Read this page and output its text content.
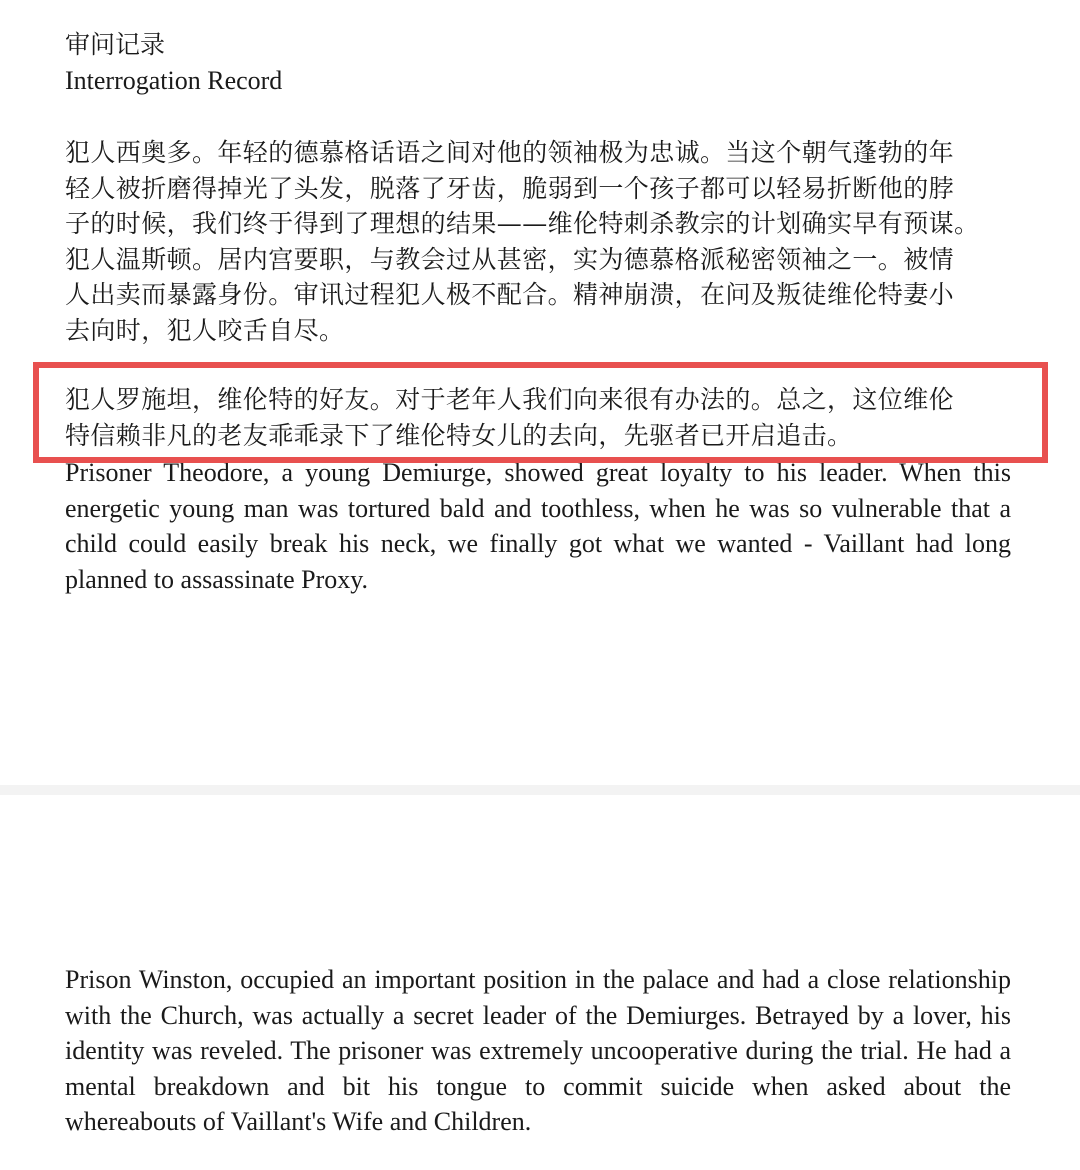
审问记录
Interrogation Record

犯人西奥多。年轻的德慕格话语之间对他的领袖极为忠诚。当这个朝气蓬勃的年
轻人被折磨得掉光了头发，脱落了牙齿，脆弱到一个孩子都可以轻易折断他的脖
子的时候，我们终于得到了理想的结果——维伦特刺杀教宗的计划确实早有预谋。
犯人温斯顿。居内宫要职，与教会过从甚密，实为德慕格派秘密领袖之一。被情
人出卖而暴露身份。审讯过程犯人极不配合。精神崩溃，在问及叛徒维伦特妻小
去向时，犯人咬舌自尽。

Prisoner Theodore, a young Demiurge, showed great loyalty to his leader. When this energetic young man was tortured bald and toothless, when he was so vulnerable that a child could easily break his neck, we finally got what we wanted - Vaillant had long planned to assassinate Proxy.

犯人罗施坦，维伦特的好友。对于老年人我们向来很有办法的。总之，这位维伦
特信赖非凡的老友乖乖录下了维伦特女儿的去向，先驱者已开启追击。

Prison Winston, occupied an important position in the palace and had a close relationship with the Church, was actually a secret leader of the Demiurges. Betrayed by a lover, his identity was reveled. The prisoner was extremely uncooperative during the trial. He had a mental breakdown and bit his tongue to commit suicide when asked about the whereabouts of Vaillant's Wife and Children.
